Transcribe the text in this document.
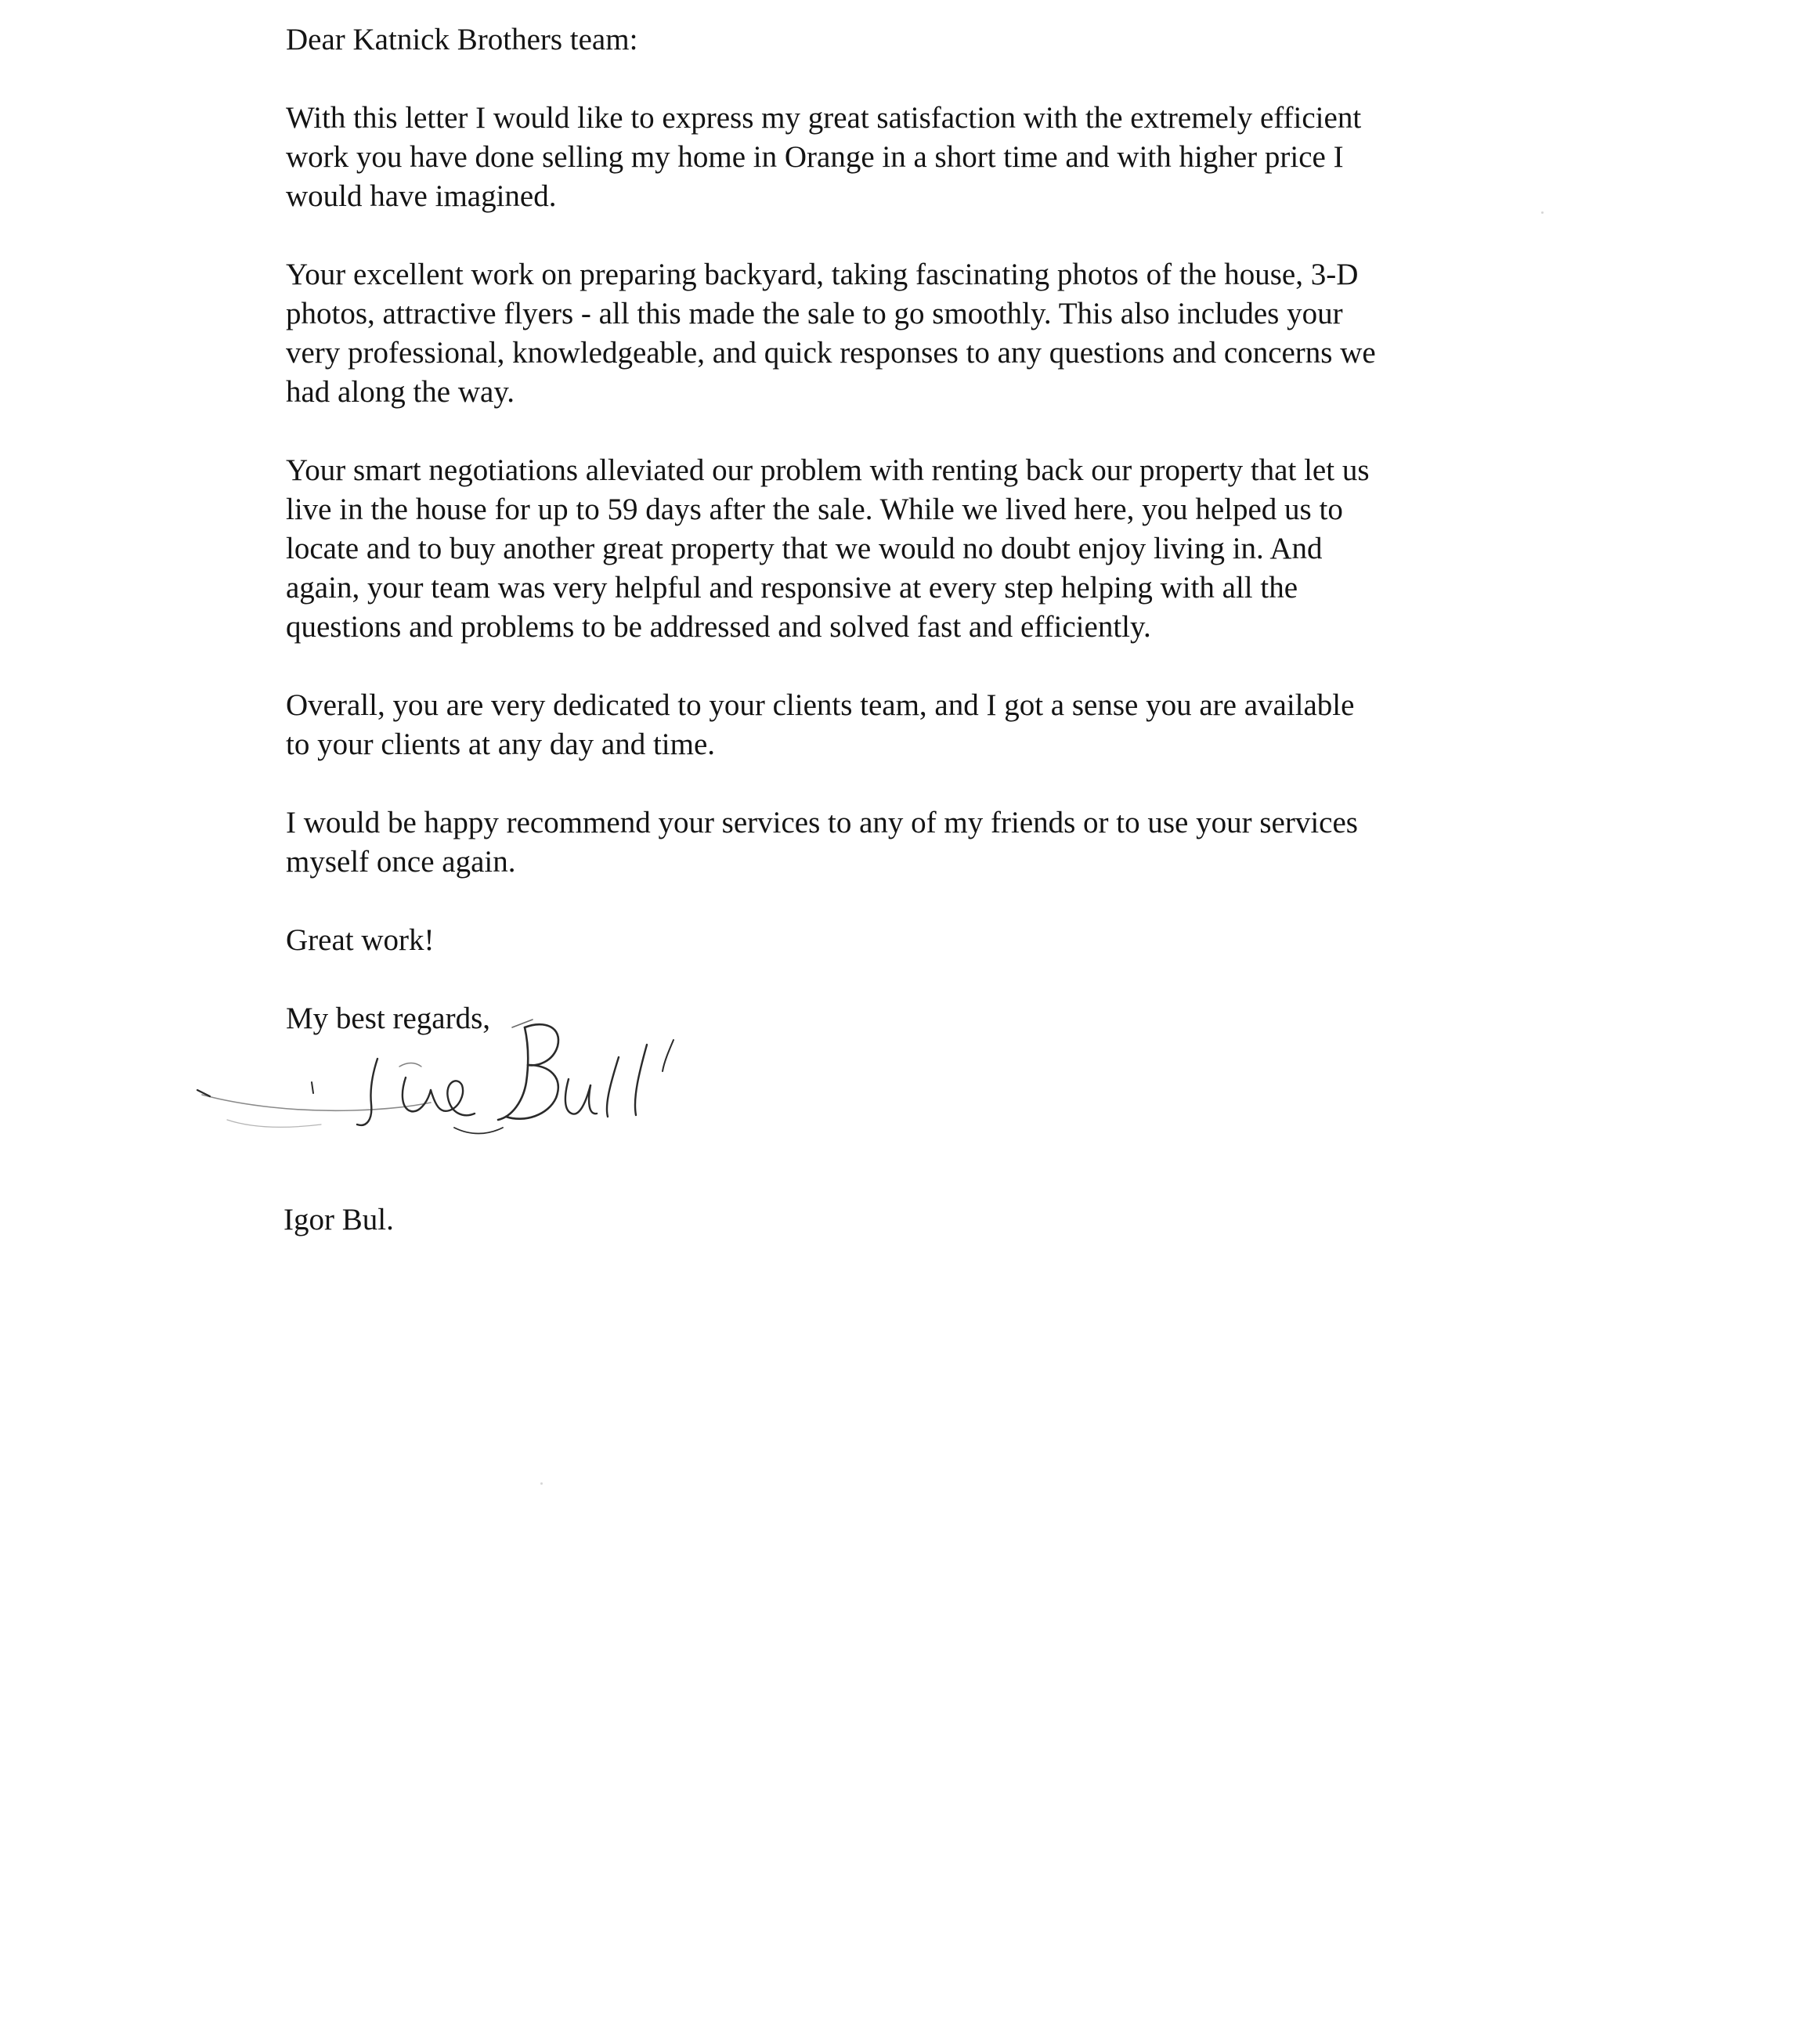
Dear Katnick Brothers team:

With this letter I would like to express my great satisfaction with the extremely efficient
work you have done selling my home in Orange in a short time and with higher price I
would have imagined.

Your excellent work on preparing backyard, taking fascinating photos of the house, 3-D
photos, attractive flyers - all this made the sale to go smoothly. This also includes your
very professional, knowledgeable, and quick responses to any questions and concerns we
had along the way.

Your smart negotiations alleviated our problem with renting back our property that let us
live in the house for up to 59 days after the sale. While we lived here, you helped us to
locate and to buy another great property that we would no doubt enjoy living in. And
again, your team was very helpful and responsive at every step helping with all the
questions and problems to be addressed and solved fast and efficiently.

Overall, you are very dedicated to your clients team, and I got a sense you are available
to your clients at any day and time.

I would be happy recommend your services to any of my friends or to use your services
myself once again.

Great work!

My best regards,

Igor Bul.
